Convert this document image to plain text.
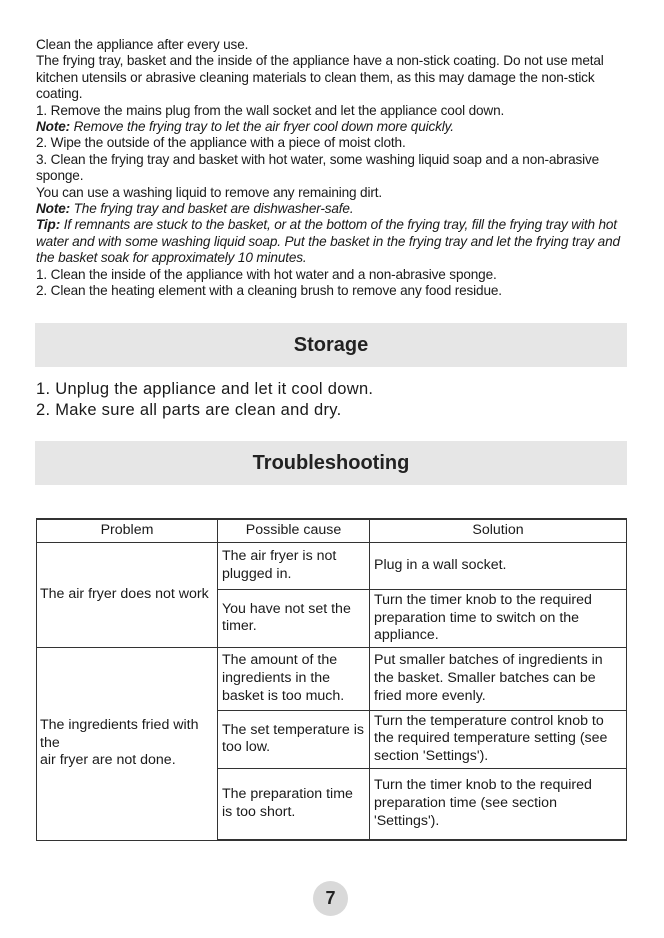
Clean the appliance after every use.

The frying tray, basket and the inside of the appliance have a non-stick coating. Do not use metal kitchen utensils or abrasive cleaning materials to clean them, as this may damage the non-stick coating.

1. Remove the mains plug from the wall socket and let the appliance cool down.

Note: Remove the frying tray to let the air fryer cool down more quickly.

2. Wipe the outside of the appliance with a piece of moist cloth.

3. Clean the frying tray and basket with hot water, some washing liquid soap and a non-abrasive sponge.

You can use a washing liquid to remove any remaining dirt.

Note: The frying tray and basket are dishwasher-safe.

Tip: If remnants are stuck to the basket, or at the bottom of the frying tray, fill the frying tray with hot water and with some washing liquid soap. Put the basket in the frying tray and let the frying tray and the basket soak for approximately 10 minutes.

1. Clean the inside of the appliance with hot water and a non-abrasive sponge.

2. Clean the heating element with a cleaning brush to remove any food residue.

Storage

1. Unplug the appliance and let it cool down.

2. Make sure all parts are clean and dry.

Troubleshooting
Problem	Possible cause	Solution
The air fryer does not work	The air fryer is not plugged in.	Plug in a wall socket.
	You have not set the timer.	Turn the timer knob to the required preparation time to switch on the appliance.

The ingredients fried with the
air fryer are not done.	The amount of the ingredients in the basket is too much.	Put smaller batches of ingredients in the basket. Smaller batches can be fried more evenly.
	The set temperature is too low.	Turn the temperature control knob to the required temperature setting (see section 'Settings').
	The preparation time is too short.	Turn the timer knob to the required preparation time (see section 'Settings').
7
